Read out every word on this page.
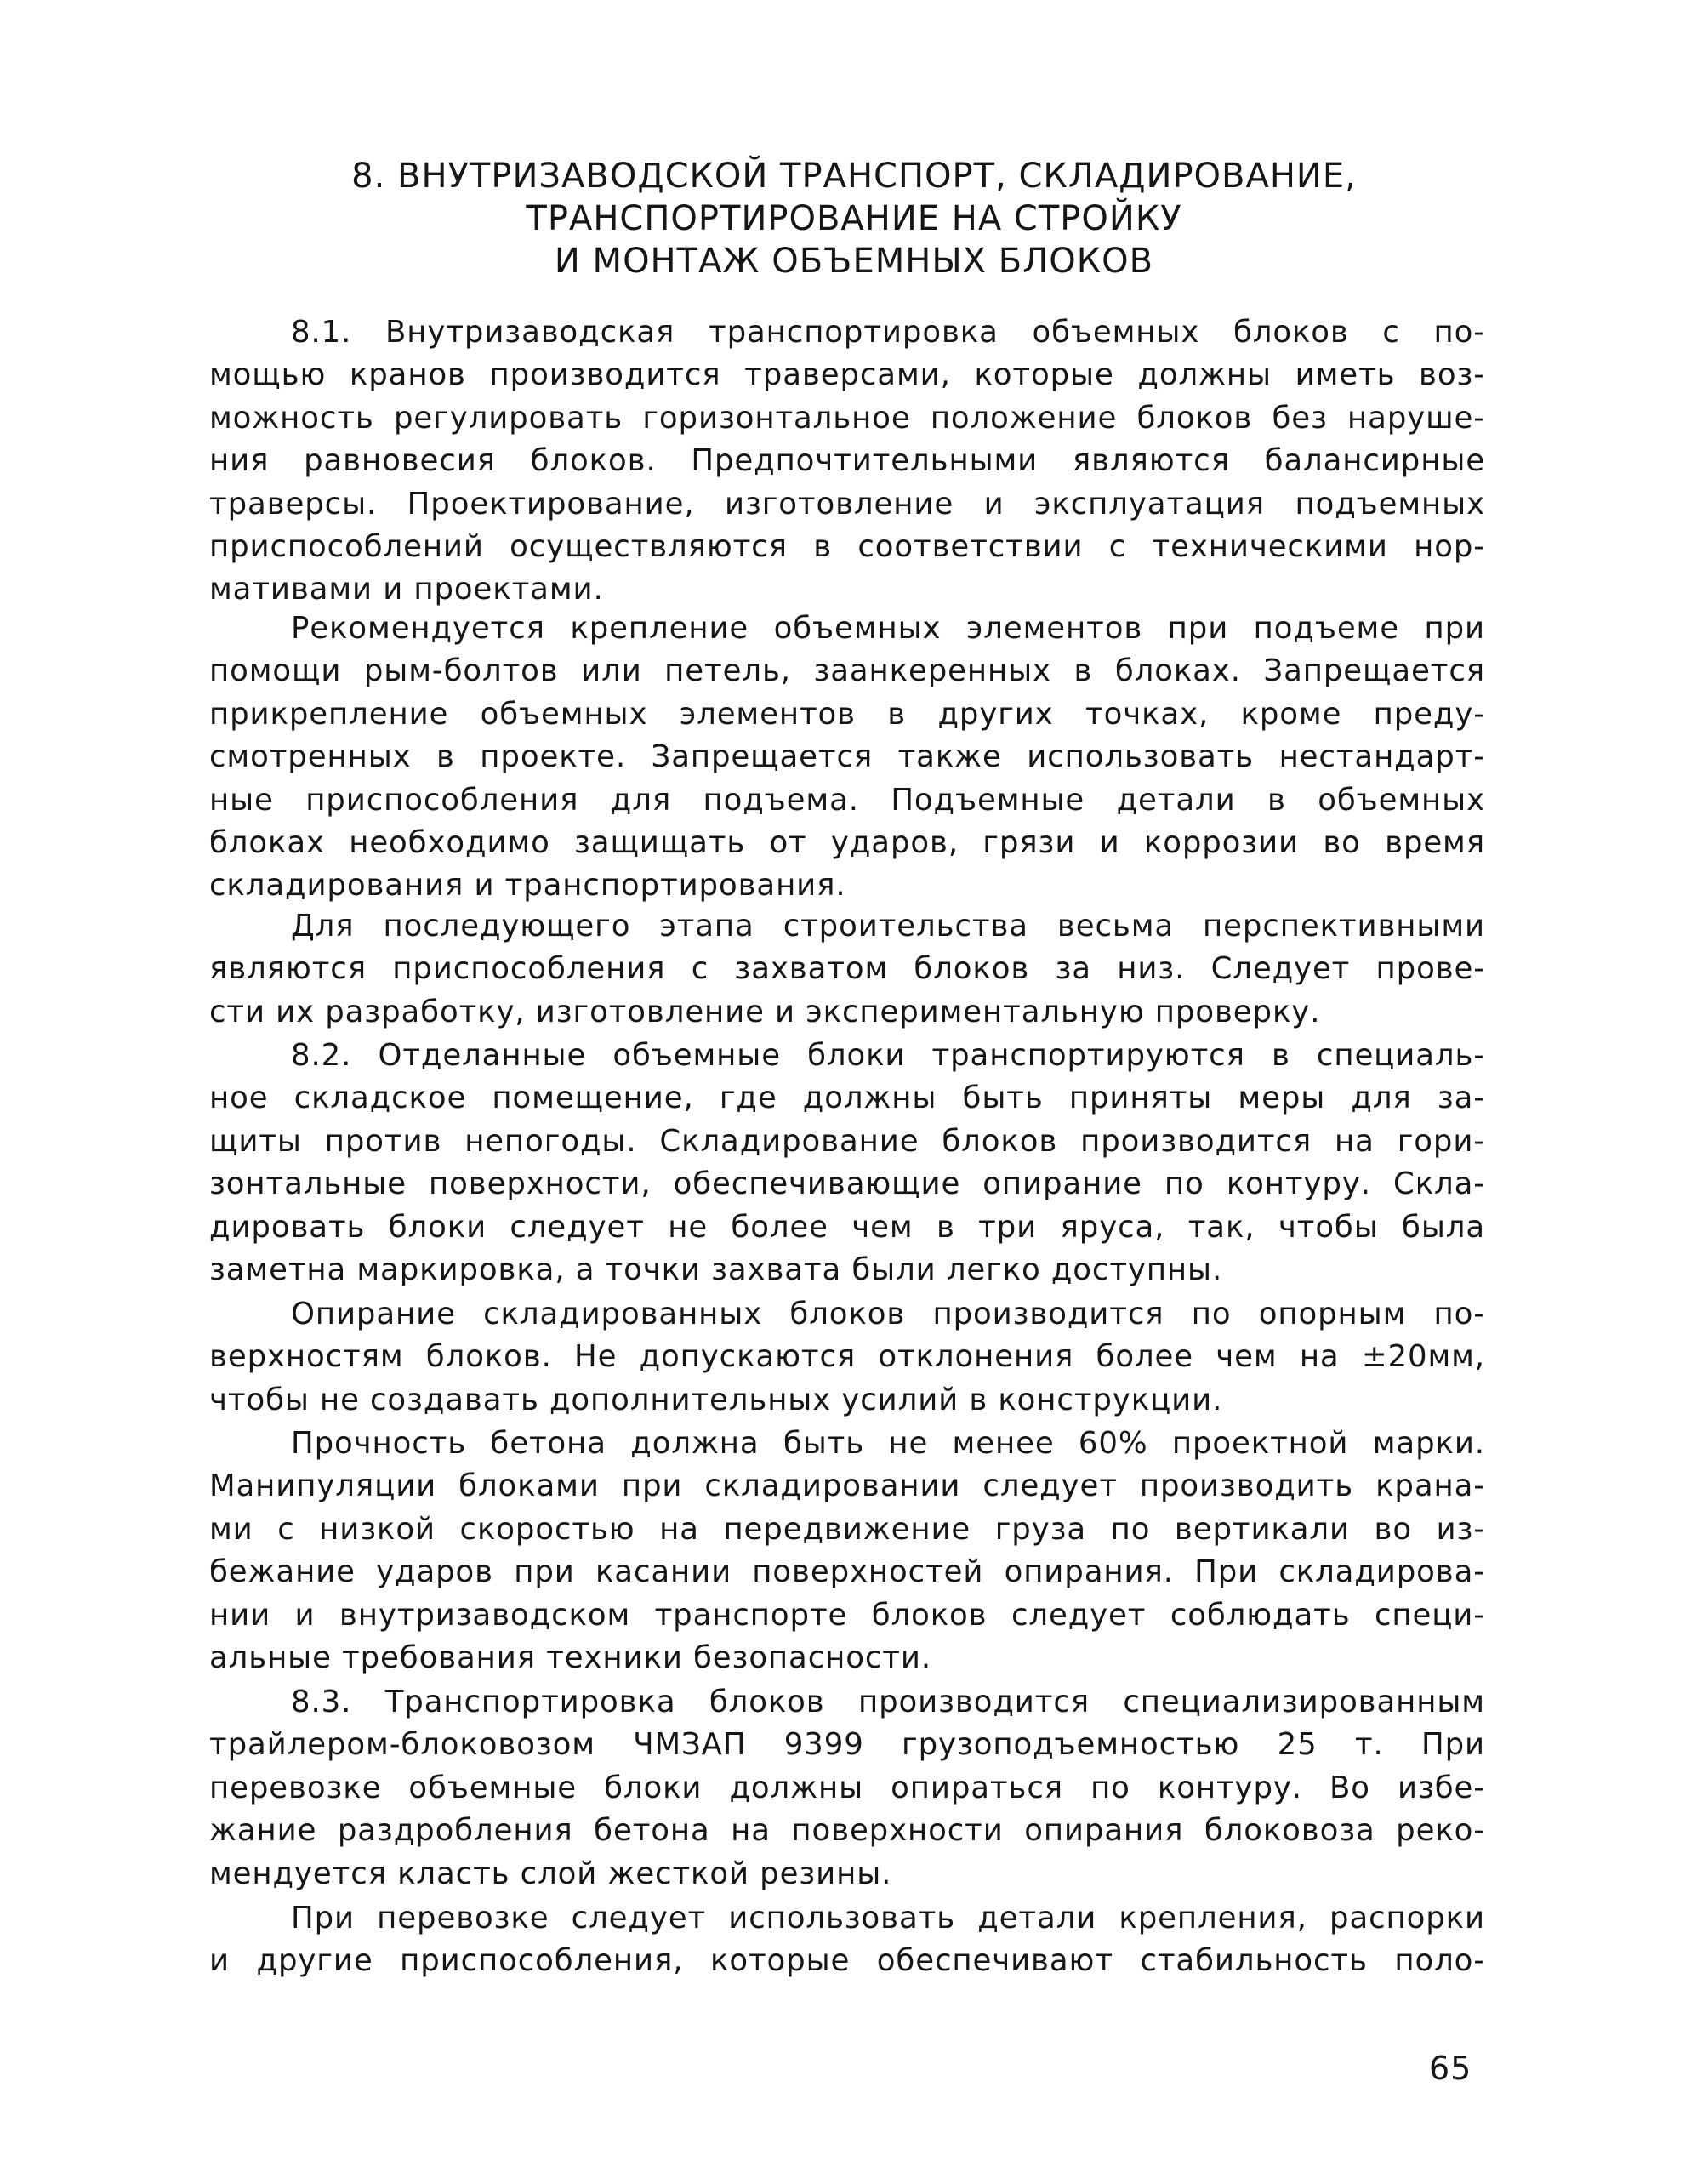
8. ВНУТРИЗАВОДСКОЙ ТРАНСПОРТ, СКЛАДИРОВАНИЕ,
ТРАНСПОРТИРОВАНИЕ НА СТРОЙКУ
И МОНТАЖ ОБЪЕМНЫХ БЛОКОВ
8.1. Внутризаводская транспортировка объемных блоков с по-
мощью кранов производится траверсами, которые должны иметь воз-
можность регулировать горизонтальное положение блоков без наруше-
ния равновесия блоков. Предпочтительными являются балансирные
траверсы. Проектирование, изготовление и эксплуатация подъемных
приспособлений осуществляются в соответствии с техническими нор-
мативами и проектами.
Рекомендуется крепление объемных элементов при подъеме при
помощи рым-болтов или петель, заанкеренных в блоках. Запрещается
прикрепление объемных элементов в других точках, кроме преду-
смотренных в проекте. Запрещается также использовать нестандарт-
ные приспособления для подъема. Подъемные детали в объемных
блоках необходимо защищать от ударов, грязи и коррозии во время
складирования и транспортирования.
Для последующего этапа строительства весьма перспективными
являются приспособления с захватом блоков за низ. Следует прове-
сти их разработку, изготовление и экспериментальную проверку.
8.2. Отделанные объемные блоки транспортируются в специаль-
ное складское помещение, где должны быть приняты меры для за-
щиты против непогоды. Складирование блоков производится на гори-
зонтальные поверхности, обеспечивающие опирание по контуру. Скла-
дировать блоки следует не более чем в три яруса, так, чтобы была
заметна маркировка, а точки захвата были легко доступны.
Опирание складированных блоков производится по опорным по-
верхностям блоков. Не допускаются отклонения более чем на ±20мм,
чтобы не создавать дополнительных усилий в конструкции.
Прочность бетона должна быть не менее 60% проектной марки.
Манипуляции блоками при складировании следует производить крана-
ми с низкой скоростью на передвижение груза по вертикали во из-
бежание ударов при касании поверхностей опирания. При складирова-
нии и внутризаводском транспорте блоков следует соблюдать специ-
альные требования техники безопасности.
8.3. Транспортировка блоков производится специализированным
трайлером-блоковозом ЧМЗАП 9399 грузоподъемностью 25 т. При
перевозке объемные блоки должны опираться по контуру. Во избе-
жание раздробления бетона на поверхности опирания блоковоза реко-
мендуется класть слой жесткой резины.
При перевозке следует использовать детали крепления, распорки
и другие приспособления, которые обеспечивают стабильность поло-
65
